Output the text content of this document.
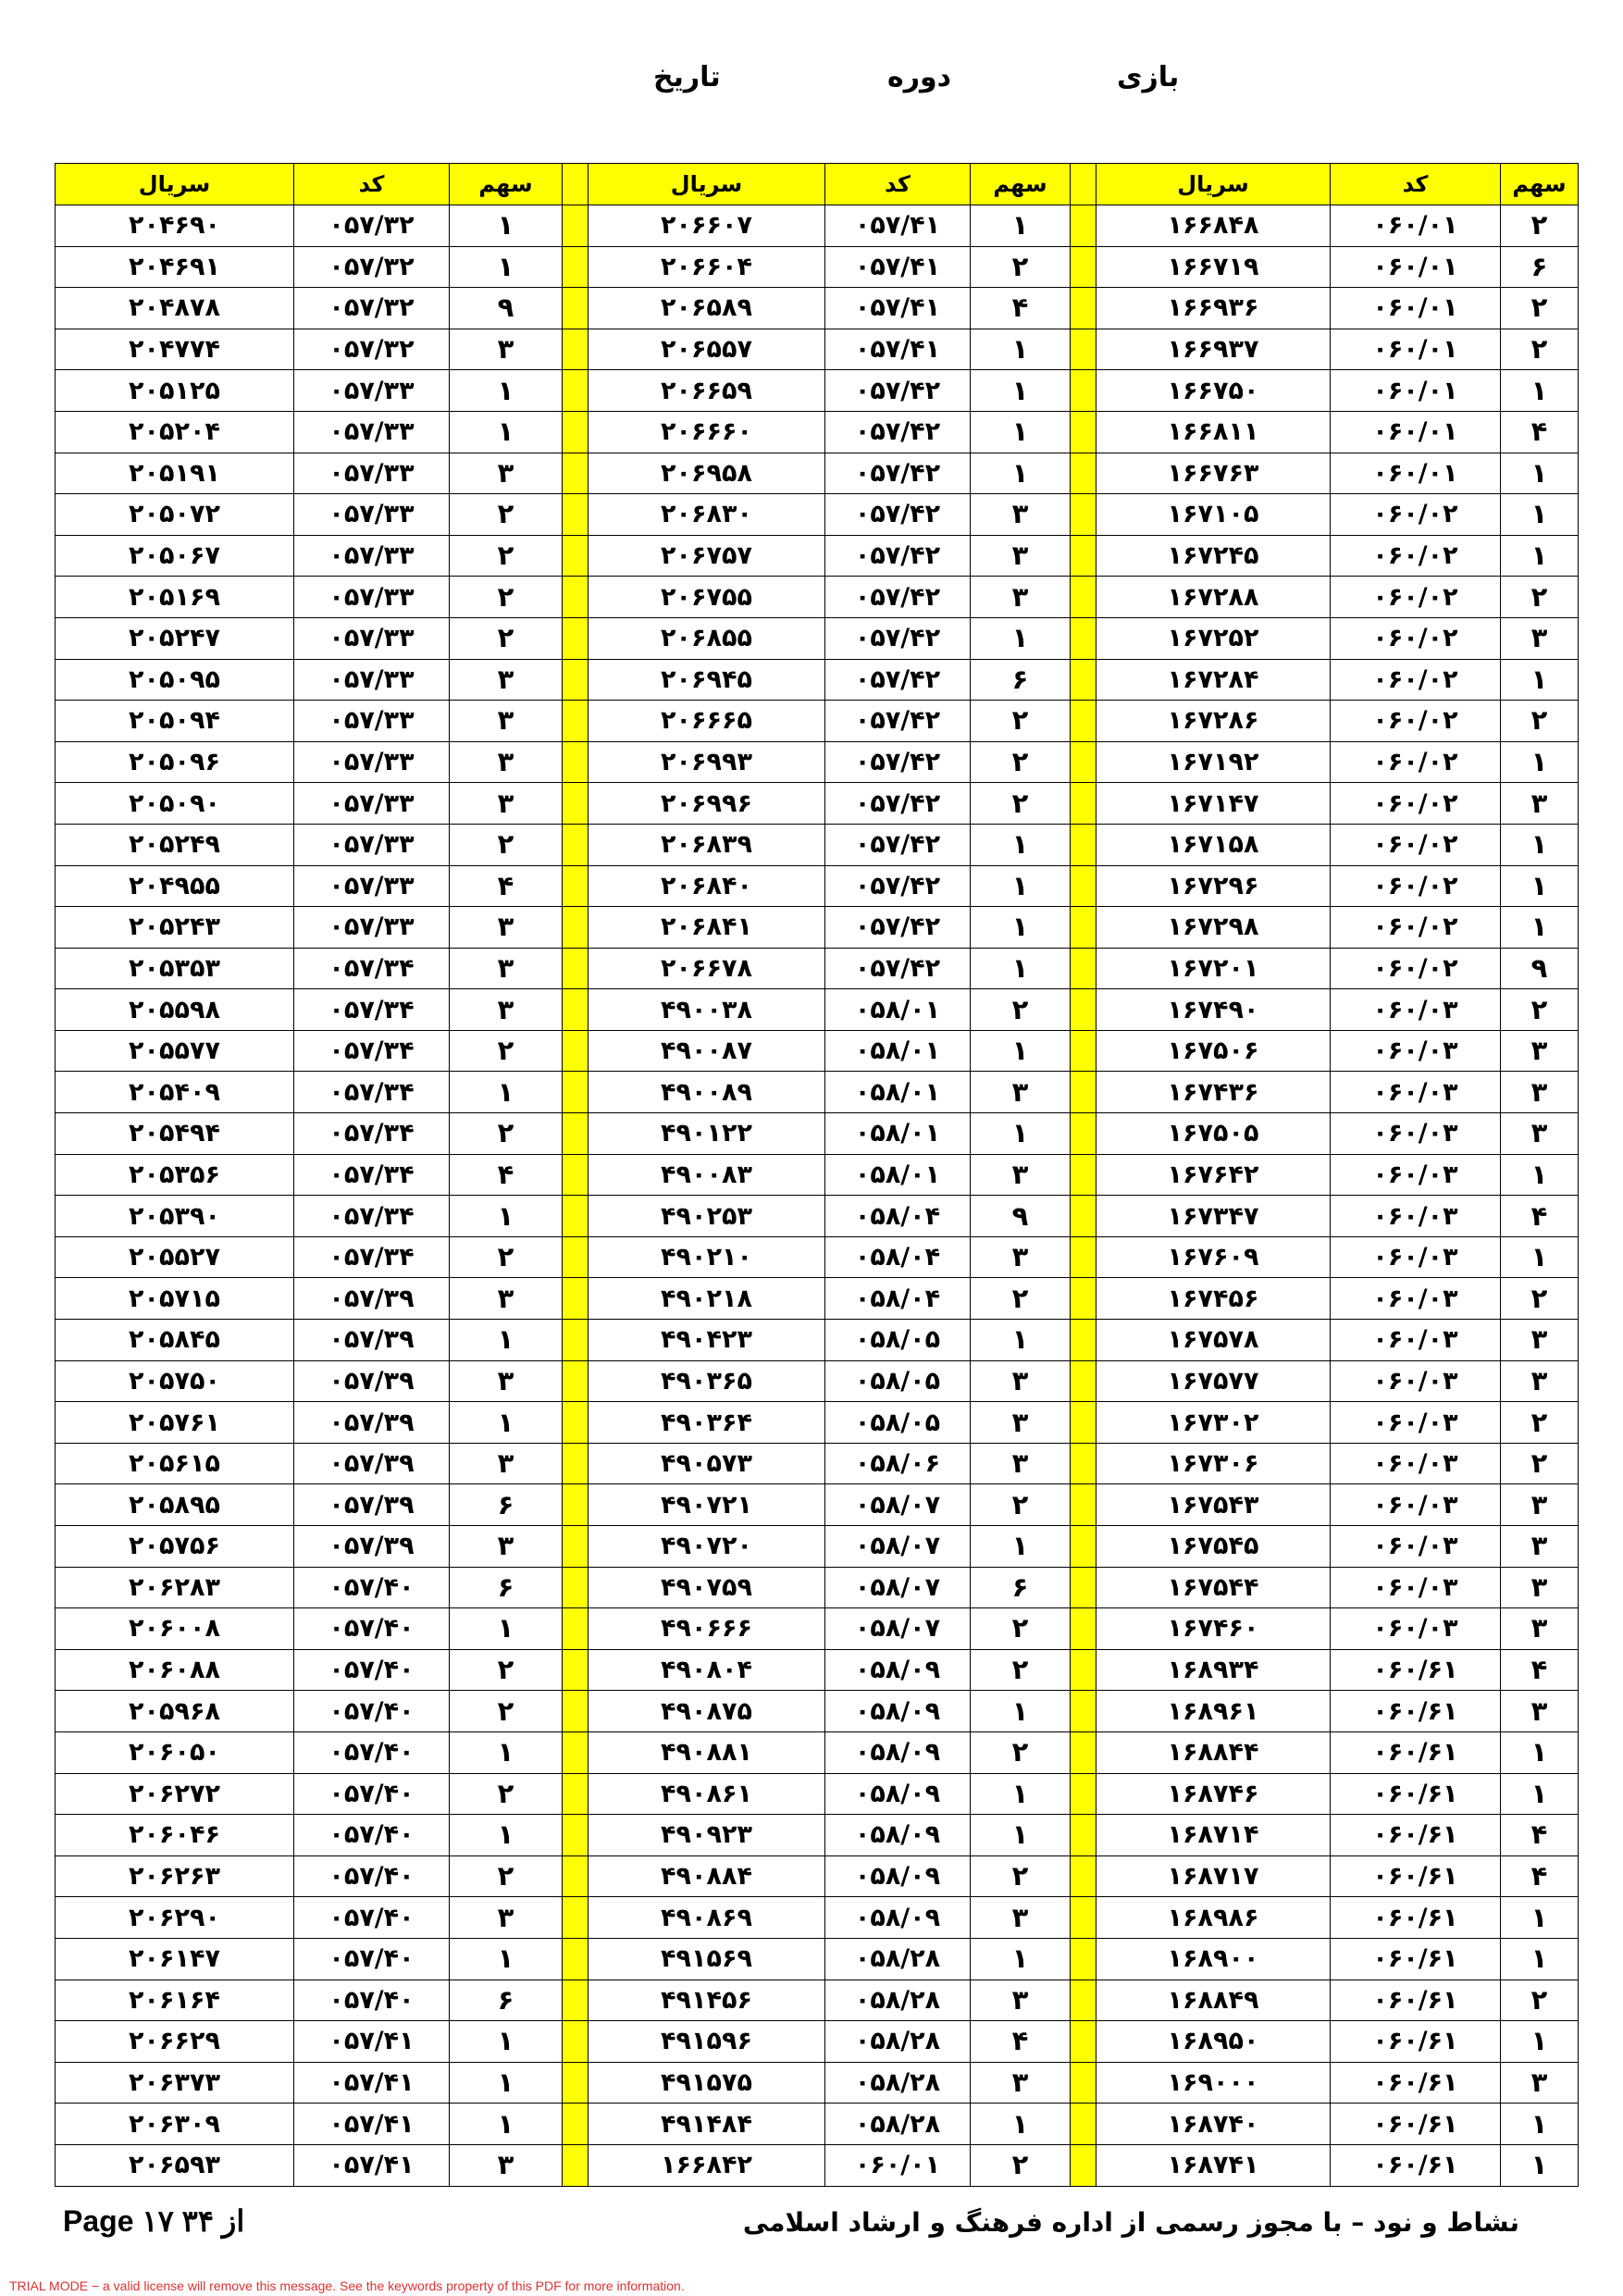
بازی
دوره
تاریخ
سهم	کد	سریال		سهم	کد	سریال		سهم	کد	سریال
۲	۰۶۰/۰۱	۱۶۶۸۴۸		۱	۰۵۷/۴۱	۲۰۶۶۰۷		۱	۰۵۷/۳۲	۲۰۴۶۹۰
۶	۰۶۰/۰۱	۱۶۶۷۱۹		۲	۰۵۷/۴۱	۲۰۶۶۰۴		۱	۰۵۷/۳۲	۲۰۴۶۹۱
۲	۰۶۰/۰۱	۱۶۶۹۳۶		۴	۰۵۷/۴۱	۲۰۶۵۸۹		۹	۰۵۷/۳۲	۲۰۴۸۷۸
۲	۰۶۰/۰۱	۱۶۶۹۳۷		۱	۰۵۷/۴۱	۲۰۶۵۵۷		۳	۰۵۷/۳۲	۲۰۴۷۷۴
۱	۰۶۰/۰۱	۱۶۶۷۵۰		۱	۰۵۷/۴۲	۲۰۶۶۵۹		۱	۰۵۷/۳۳	۲۰۵۱۲۵
۴	۰۶۰/۰۱	۱۶۶۸۱۱		۱	۰۵۷/۴۲	۲۰۶۶۶۰		۱	۰۵۷/۳۳	۲۰۵۲۰۴
۱	۰۶۰/۰۱	۱۶۶۷۶۳		۱	۰۵۷/۴۲	۲۰۶۹۵۸		۳	۰۵۷/۳۳	۲۰۵۱۹۱
۱	۰۶۰/۰۲	۱۶۷۱۰۵		۳	۰۵۷/۴۲	۲۰۶۸۳۰		۲	۰۵۷/۳۳	۲۰۵۰۷۲
۱	۰۶۰/۰۲	۱۶۷۲۴۵		۳	۰۵۷/۴۲	۲۰۶۷۵۷		۲	۰۵۷/۳۳	۲۰۵۰۶۷
۲	۰۶۰/۰۲	۱۶۷۲۸۸		۳	۰۵۷/۴۲	۲۰۶۷۵۵		۲	۰۵۷/۳۳	۲۰۵۱۶۹
۳	۰۶۰/۰۲	۱۶۷۲۵۲		۱	۰۵۷/۴۲	۲۰۶۸۵۵		۲	۰۵۷/۳۳	۲۰۵۲۴۷
۱	۰۶۰/۰۲	۱۶۷۲۸۴		۶	۰۵۷/۴۲	۲۰۶۹۴۵		۳	۰۵۷/۳۳	۲۰۵۰۹۵
۲	۰۶۰/۰۲	۱۶۷۲۸۶		۲	۰۵۷/۴۲	۲۰۶۶۶۵		۳	۰۵۷/۳۳	۲۰۵۰۹۴
۱	۰۶۰/۰۲	۱۶۷۱۹۲		۲	۰۵۷/۴۲	۲۰۶۹۹۳		۳	۰۵۷/۳۳	۲۰۵۰۹۶
۳	۰۶۰/۰۲	۱۶۷۱۴۷		۲	۰۵۷/۴۲	۲۰۶۹۹۶		۳	۰۵۷/۳۳	۲۰۵۰۹۰
۱	۰۶۰/۰۲	۱۶۷۱۵۸		۱	۰۵۷/۴۲	۲۰۶۸۳۹		۲	۰۵۷/۳۳	۲۰۵۲۴۹
۱	۰۶۰/۰۲	۱۶۷۲۹۶		۱	۰۵۷/۴۲	۲۰۶۸۴۰		۴	۰۵۷/۳۳	۲۰۴۹۵۵
۱	۰۶۰/۰۲	۱۶۷۲۹۸		۱	۰۵۷/۴۲	۲۰۶۸۴۱		۳	۰۵۷/۳۳	۲۰۵۲۴۳
۹	۰۶۰/۰۲	۱۶۷۲۰۱		۱	۰۵۷/۴۲	۲۰۶۶۷۸		۳	۰۵۷/۳۴	۲۰۵۳۵۳
۲	۰۶۰/۰۳	۱۶۷۴۹۰		۲	۰۵۸/۰۱	۴۹۰۰۳۸		۳	۰۵۷/۳۴	۲۰۵۵۹۸
۳	۰۶۰/۰۳	۱۶۷۵۰۶		۱	۰۵۸/۰۱	۴۹۰۰۸۷		۲	۰۵۷/۳۴	۲۰۵۵۷۷
۳	۰۶۰/۰۳	۱۶۷۴۳۶		۳	۰۵۸/۰۱	۴۹۰۰۸۹		۱	۰۵۷/۳۴	۲۰۵۴۰۹
۳	۰۶۰/۰۳	۱۶۷۵۰۵		۱	۰۵۸/۰۱	۴۹۰۱۲۲		۲	۰۵۷/۳۴	۲۰۵۴۹۴
۱	۰۶۰/۰۳	۱۶۷۶۴۲		۳	۰۵۸/۰۱	۴۹۰۰۸۳		۴	۰۵۷/۳۴	۲۰۵۳۵۶
۴	۰۶۰/۰۳	۱۶۷۳۴۷		۹	۰۵۸/۰۴	۴۹۰۲۵۳		۱	۰۵۷/۳۴	۲۰۵۳۹۰
۱	۰۶۰/۰۳	۱۶۷۶۰۹		۳	۰۵۸/۰۴	۴۹۰۲۱۰		۲	۰۵۷/۳۴	۲۰۵۵۲۷
۲	۰۶۰/۰۳	۱۶۷۴۵۶		۲	۰۵۸/۰۴	۴۹۰۲۱۸		۳	۰۵۷/۳۹	۲۰۵۷۱۵
۳	۰۶۰/۰۳	۱۶۷۵۷۸		۱	۰۵۸/۰۵	۴۹۰۴۲۳		۱	۰۵۷/۳۹	۲۰۵۸۴۵
۳	۰۶۰/۰۳	۱۶۷۵۷۷		۳	۰۵۸/۰۵	۴۹۰۳۶۵		۳	۰۵۷/۳۹	۲۰۵۷۵۰
۲	۰۶۰/۰۳	۱۶۷۳۰۲		۳	۰۵۸/۰۵	۴۹۰۳۶۴		۱	۰۵۷/۳۹	۲۰۵۷۶۱
۲	۰۶۰/۰۳	۱۶۷۳۰۶		۳	۰۵۸/۰۶	۴۹۰۵۷۳		۳	۰۵۷/۳۹	۲۰۵۶۱۵
۳	۰۶۰/۰۳	۱۶۷۵۴۳		۲	۰۵۸/۰۷	۴۹۰۷۲۱		۶	۰۵۷/۳۹	۲۰۵۸۹۵
۳	۰۶۰/۰۳	۱۶۷۵۴۵		۱	۰۵۸/۰۷	۴۹۰۷۲۰		۳	۰۵۷/۳۹	۲۰۵۷۵۶
۳	۰۶۰/۰۳	۱۶۷۵۴۴		۶	۰۵۸/۰۷	۴۹۰۷۵۹		۶	۰۵۷/۴۰	۲۰۶۲۸۳
۳	۰۶۰/۰۳	۱۶۷۴۶۰		۲	۰۵۸/۰۷	۴۹۰۶۶۶		۱	۰۵۷/۴۰	۲۰۶۰۰۸
۴	۰۶۰/۶۱	۱۶۸۹۳۴		۲	۰۵۸/۰۹	۴۹۰۸۰۴		۲	۰۵۷/۴۰	۲۰۶۰۸۸
۳	۰۶۰/۶۱	۱۶۸۹۶۱		۱	۰۵۸/۰۹	۴۹۰۸۷۵		۲	۰۵۷/۴۰	۲۰۵۹۶۸
۱	۰۶۰/۶۱	۱۶۸۸۴۴		۲	۰۵۸/۰۹	۴۹۰۸۸۱		۱	۰۵۷/۴۰	۲۰۶۰۵۰
۱	۰۶۰/۶۱	۱۶۸۷۴۶		۱	۰۵۸/۰۹	۴۹۰۸۶۱		۲	۰۵۷/۴۰	۲۰۶۲۷۲
۴	۰۶۰/۶۱	۱۶۸۷۱۴		۱	۰۵۸/۰۹	۴۹۰۹۲۳		۱	۰۵۷/۴۰	۲۰۶۰۴۶
۴	۰۶۰/۶۱	۱۶۸۷۱۷		۲	۰۵۸/۰۹	۴۹۰۸۸۴		۲	۰۵۷/۴۰	۲۰۶۲۶۳
۱	۰۶۰/۶۱	۱۶۸۹۸۶		۳	۰۵۸/۰۹	۴۹۰۸۶۹		۳	۰۵۷/۴۰	۲۰۶۲۹۰
۱	۰۶۰/۶۱	۱۶۸۹۰۰		۱	۰۵۸/۲۸	۴۹۱۵۶۹		۱	۰۵۷/۴۰	۲۰۶۱۴۷
۲	۰۶۰/۶۱	۱۶۸۸۴۹		۳	۰۵۸/۲۸	۴۹۱۴۵۶		۶	۰۵۷/۴۰	۲۰۶۱۶۴
۱	۰۶۰/۶۱	۱۶۸۹۵۰		۴	۰۵۸/۲۸	۴۹۱۵۹۶		۱	۰۵۷/۴۱	۲۰۶۶۲۹
۳	۰۶۰/۶۱	۱۶۹۰۰۰		۳	۰۵۸/۲۸	۴۹۱۵۷۵		۱	۰۵۷/۴۱	۲۰۶۳۷۳
۱	۰۶۰/۶۱	۱۶۸۷۴۰		۱	۰۵۸/۲۸	۴۹۱۴۸۴		۱	۰۵۷/۴۱	۲۰۶۳۰۹
۱	۰۶۰/۶۱	۱۶۸۷۴۱		۲	۰۶۰/۰۱	۱۶۶۸۴۲		۳	۰۵۷/۴۱	۲۰۶۵۹۳
Page ۱۷ ۳۴ از	نشاط و نود – با مجوز رسمی از اداره فرهنگ و ارشاد اسلامی
TRIAL MODE − a valid license will remove this message. See the keywords property of this PDF for more information.
